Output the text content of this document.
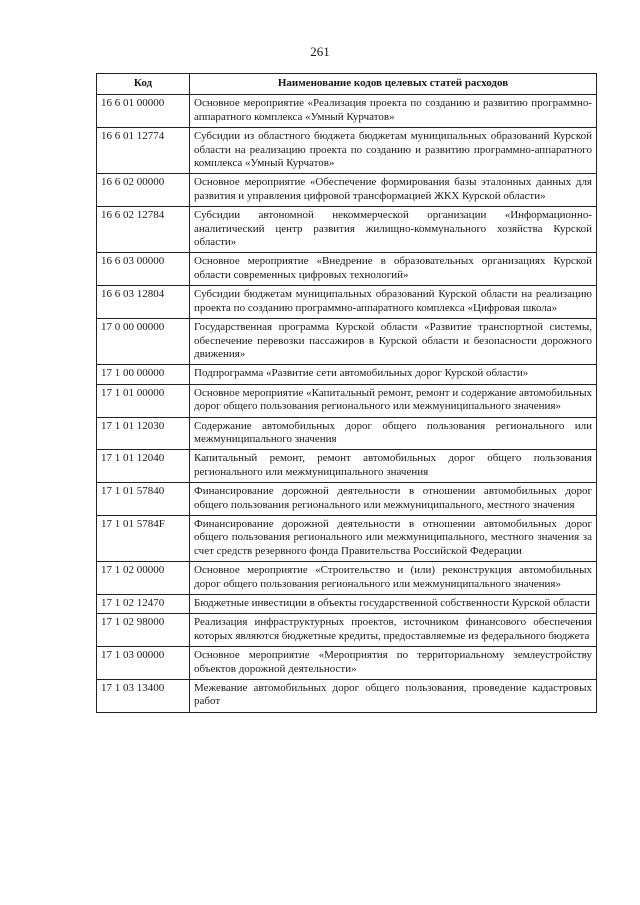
261
Код	Наименование кодов целевых статей расходов
16 6 01 00000	Основное мероприятие «Реализация проекта по созданию и развитию программно-аппаратного комплекса «Умный Курчатов»
16 6 01 12774	Субсидии из областного бюджета бюджетам муниципальных образований Курской области на реализацию проекта по созданию и развитию программно-аппаратного комплекса «Умный Курчатов»
16 6 02 00000	Основное мероприятие «Обеспечение формирования базы эталонных данных для развития и управления цифровой трансформацией ЖКХ Курской области»
16 6 02 12784	Субсидии автономной некоммерческой организации «Информационно-аналитический центр развития жилищно-коммунального хозяйства Курской области»
16 6 03 00000	Основное мероприятие «Внедрение в образовательных организациях Курской области современных цифровых технологий»
16 6 03 12804	Субсидии бюджетам муниципальных образований Курской области на реализацию проекта по созданию программно-аппаратного комплекса «Цифровая школа»
17 0 00 00000	Государственная программа Курской области «Развитие транспортной системы, обеспечение перевозки пассажиров в Курской области и безопасности дорожного движения»
17 1 00 00000	Подпрограмма «Развитие сети автомобильных дорог Курской области»
17 1 01 00000	Основное мероприятие «Капитальный ремонт, ремонт и содержание автомобильных дорог общего пользования регионального или межмуниципального значения»
17 1 01 12030	Содержание автомобильных дорог общего пользования регионального или межмуниципального значения
17 1 01 12040	Капитальный ремонт, ремонт автомобильных дорог общего пользования регионального или межмуниципального значения
17 1 01 57840	Финансирование дорожной деятельности в отношении автомобильных дорог общего пользования регионального или межмуниципального, местного значения
17 1 01 5784F	Финансирование дорожной деятельности в отношении автомобильных дорог общего пользования регионального или межмуниципального, местного значения за счет средств резервного фонда Правительства Российской Федерации
17 1 02 00000	Основное мероприятие «Строительство и (или) реконструкция автомобильных дорог общего пользования регионального или межмуниципального значения»
17 1 02 12470	Бюджетные инвестиции в объекты государственной собственности Курской области
17 1 02 98000	Реализация инфраструктурных проектов, источником финансового обеспечения которых являются бюджетные кредиты, предоставляемые из федерального бюджета
17 1 03 00000	Основное мероприятие «Мероприятия по территориальному землеустройству объектов дорожной деятельности»
17 1 03 13400	Межевание автомобильных дорог общего пользования, проведение кадастровых работ
